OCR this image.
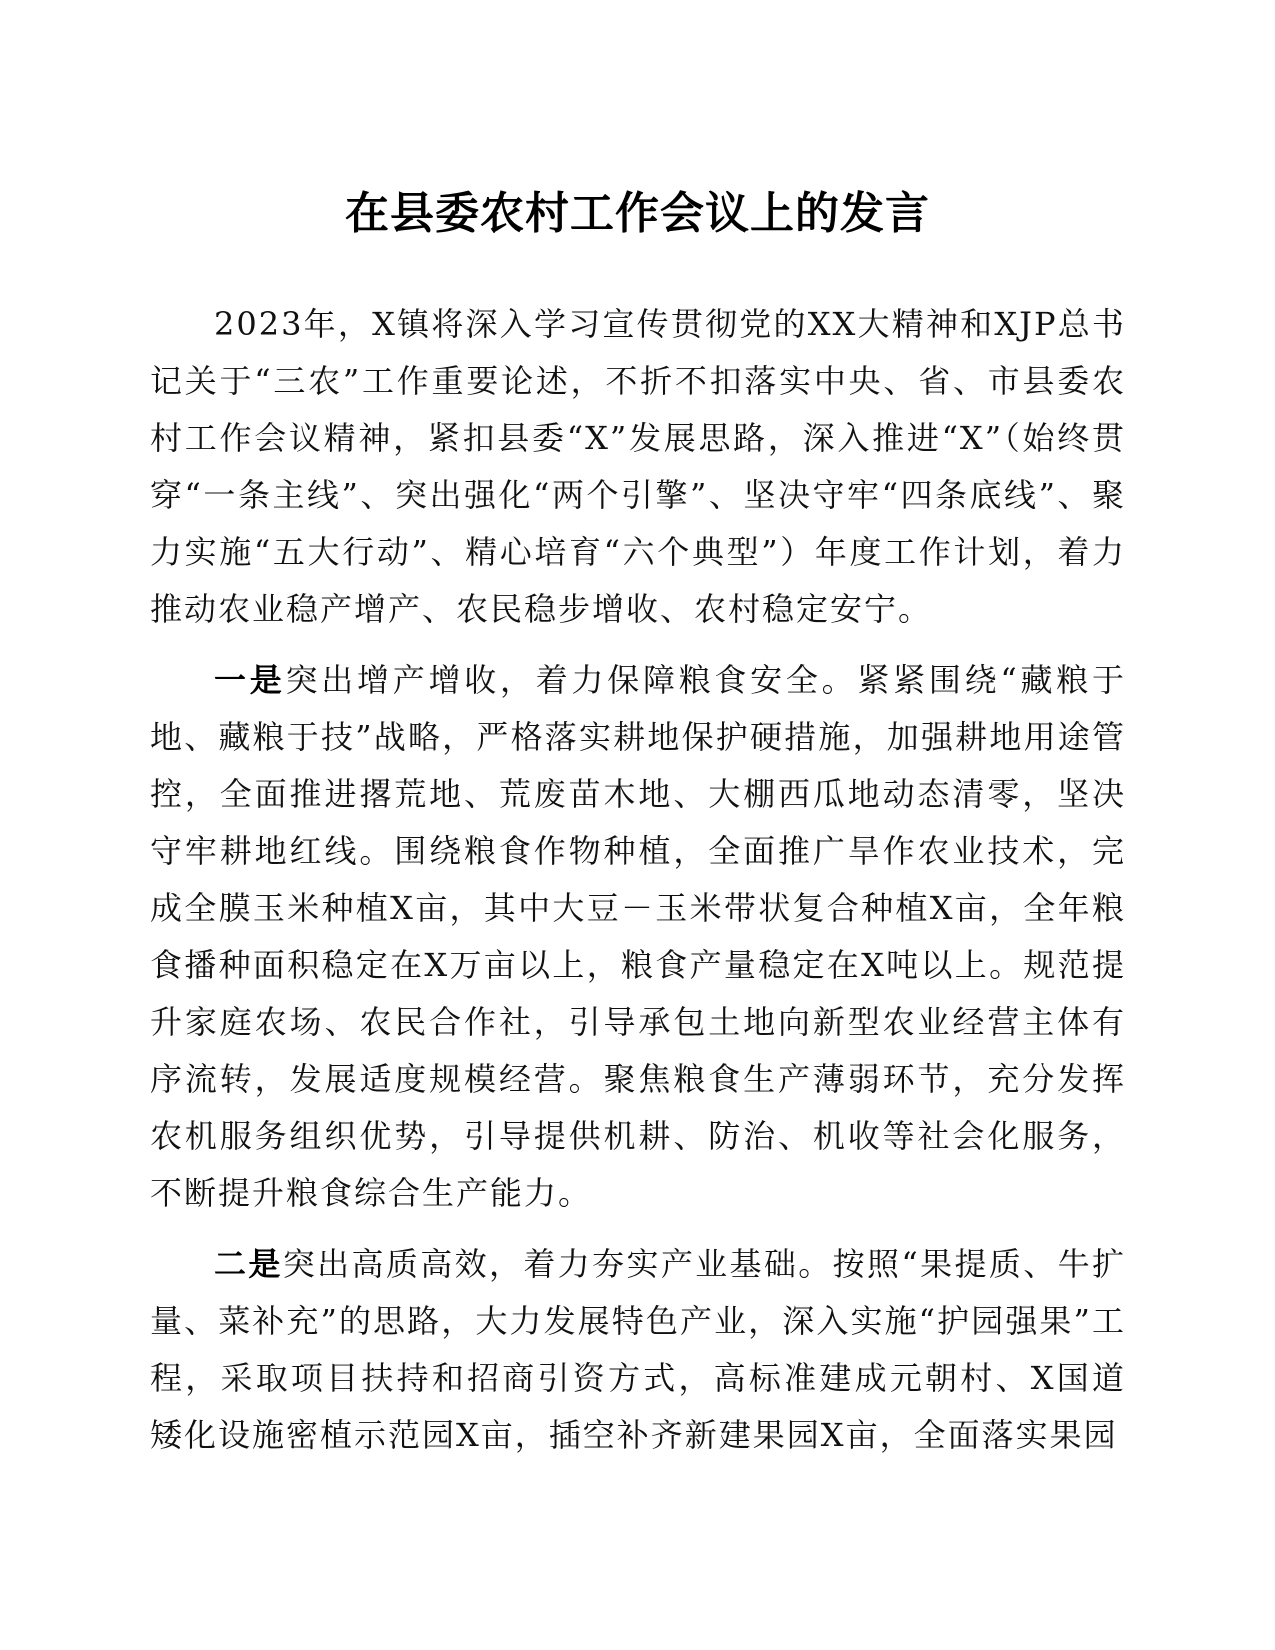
在县委农村工作会议上的发言

2023年，X镇将深入学习宣传贯彻党的XX大精神和XJP总书记关于“三农”工作重要论述，不折不扣落实中央、省、市县委农村工作会议精神，紧扣县委“X”发展思路，深入推进“X”（始终贯穿“一条主线”、突出强化“两个引擎”、坚决守牢“四条底线”、聚力实施“五大行动”、精心培育“六个典型”）年度工作计划，着力推动农业稳产增产、农民稳步增收、农村稳定安宁。

一是突出增产增收，着力保障粮食安全。紧紧围绕“藏粮于地、藏粮于技”战略，严格落实耕地保护硬措施，加强耕地用途管控，全面推进撂荒地、荒废苗木地、大棚西瓜地动态清零，坚决守牢耕地红线。围绕粮食作物种植，全面推广旱作农业技术，完成全膜玉米种植X亩，其中大豆－玉米带状复合种植X亩，全年粮食播种面积稳定在X万亩以上，粮食产量稳定在X吨以上。规范提升家庭农场、农民合作社，引导承包土地向新型农业经营主体有序流转，发展适度规模经营。聚焦粮食生产薄弱环节，充分发挥农机服务组织优势，引导提供机耕、防治、机收等社会化服务，不断提升粮食综合生产能力。

二是突出高质高效，着力夯实产业基础。按照“果提质、牛扩量、菜补充”的思路，大力发展特色产业，深入实施“护园强果”工程，采取项目扶持和招商引资方式，高标准建成元朝村、X国道矮化设施密植示范园X亩，插空补齐新建果园X亩，全面落实果园
